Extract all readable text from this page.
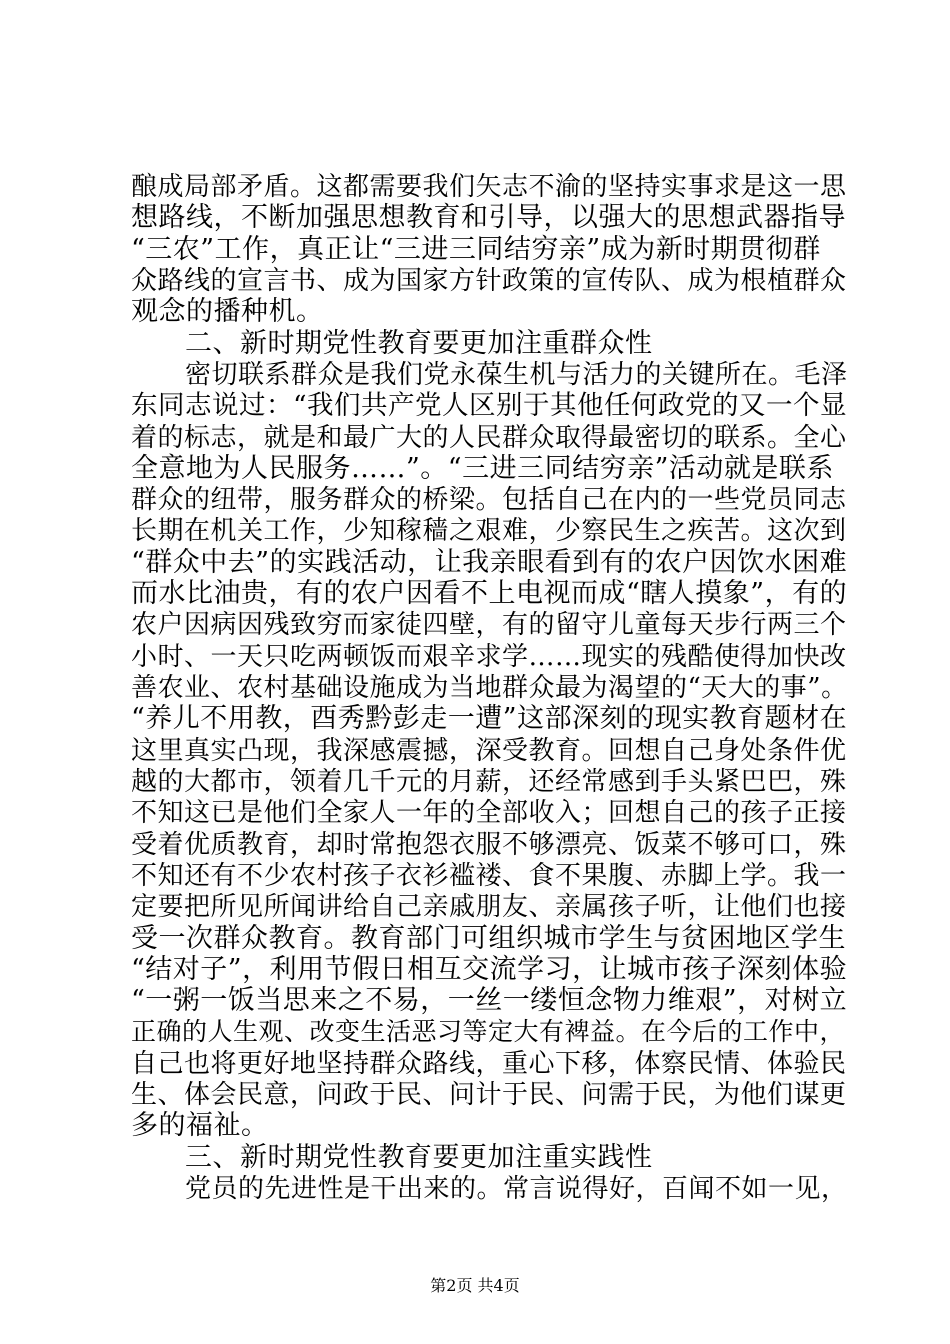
酿成局部矛盾。这都需要我们矢志不渝的坚持实事求是这一思
想路线，不断加强思想教育和引导，以强大的思想武器指导
“三农”工作，真正让“三进三同结穷亲”成为新时期贯彻群
众路线的宣言书、成为国家方针政策的宣传队、成为根植群众
观念的播种机。
二、新时期党性教育要更加注重群众性
密切联系群众是我们党永葆生机与活力的关键所在。毛泽
东同志说过：“我们共产党人区别于其他任何政党的又一个显
着的标志，就是和最广大的人民群众取得最密切的联系。全心
全意地为人民服务……”。“三进三同结穷亲”活动就是联系
群众的纽带，服务群众的桥梁。包括自己在内的一些党员同志
长期在机关工作，少知稼穑之艰难，少察民生之疾苦。这次到
“群众中去”的实践活动，让我亲眼看到有的农户因饮水困难
而水比油贵，有的农户因看不上电视而成“瞎人摸象”，有的
农户因病因残致穷而家徒四壁，有的留守儿童每天步行两三个
小时、一天只吃两顿饭而艰辛求学……现实的残酷使得加快改
善农业、农村基础设施成为当地群众最为渴望的“天大的事”。
“养儿不用教，酉秀黔彭走一遭”这部深刻的现实教育题材在
这里真实凸现，我深感震撼，深受教育。回想自己身处条件优
越的大都市，领着几千元的月薪，还经常感到手头紧巴巴，殊
不知这已是他们全家人一年的全部收入；回想自己的孩子正接
受着优质教育，却时常抱怨衣服不够漂亮、饭菜不够可口，殊
不知还有不少农村孩子衣衫褴褛、食不果腹、赤脚上学。我一
定要把所见所闻讲给自己亲戚朋友、亲属孩子听，让他们也接
受一次群众教育。教育部门可组织城市学生与贫困地区学生
“结对子”，利用节假日相互交流学习，让城市孩子深刻体验
“一粥一饭当思来之不易，一丝一缕恒念物力维艰”，对树立
正确的人生观、改变生活恶习等定大有裨益。在今后的工作中，
自己也将更好地坚持群众路线，重心下移，体察民情、体验民
生、体会民意，问政于民、问计于民、问需于民，为他们谋更
多的福祉。
三、新时期党性教育要更加注重实践性
党员的先进性是干出来的。常言说得好，百闻不如一见，
第2页 共4页
